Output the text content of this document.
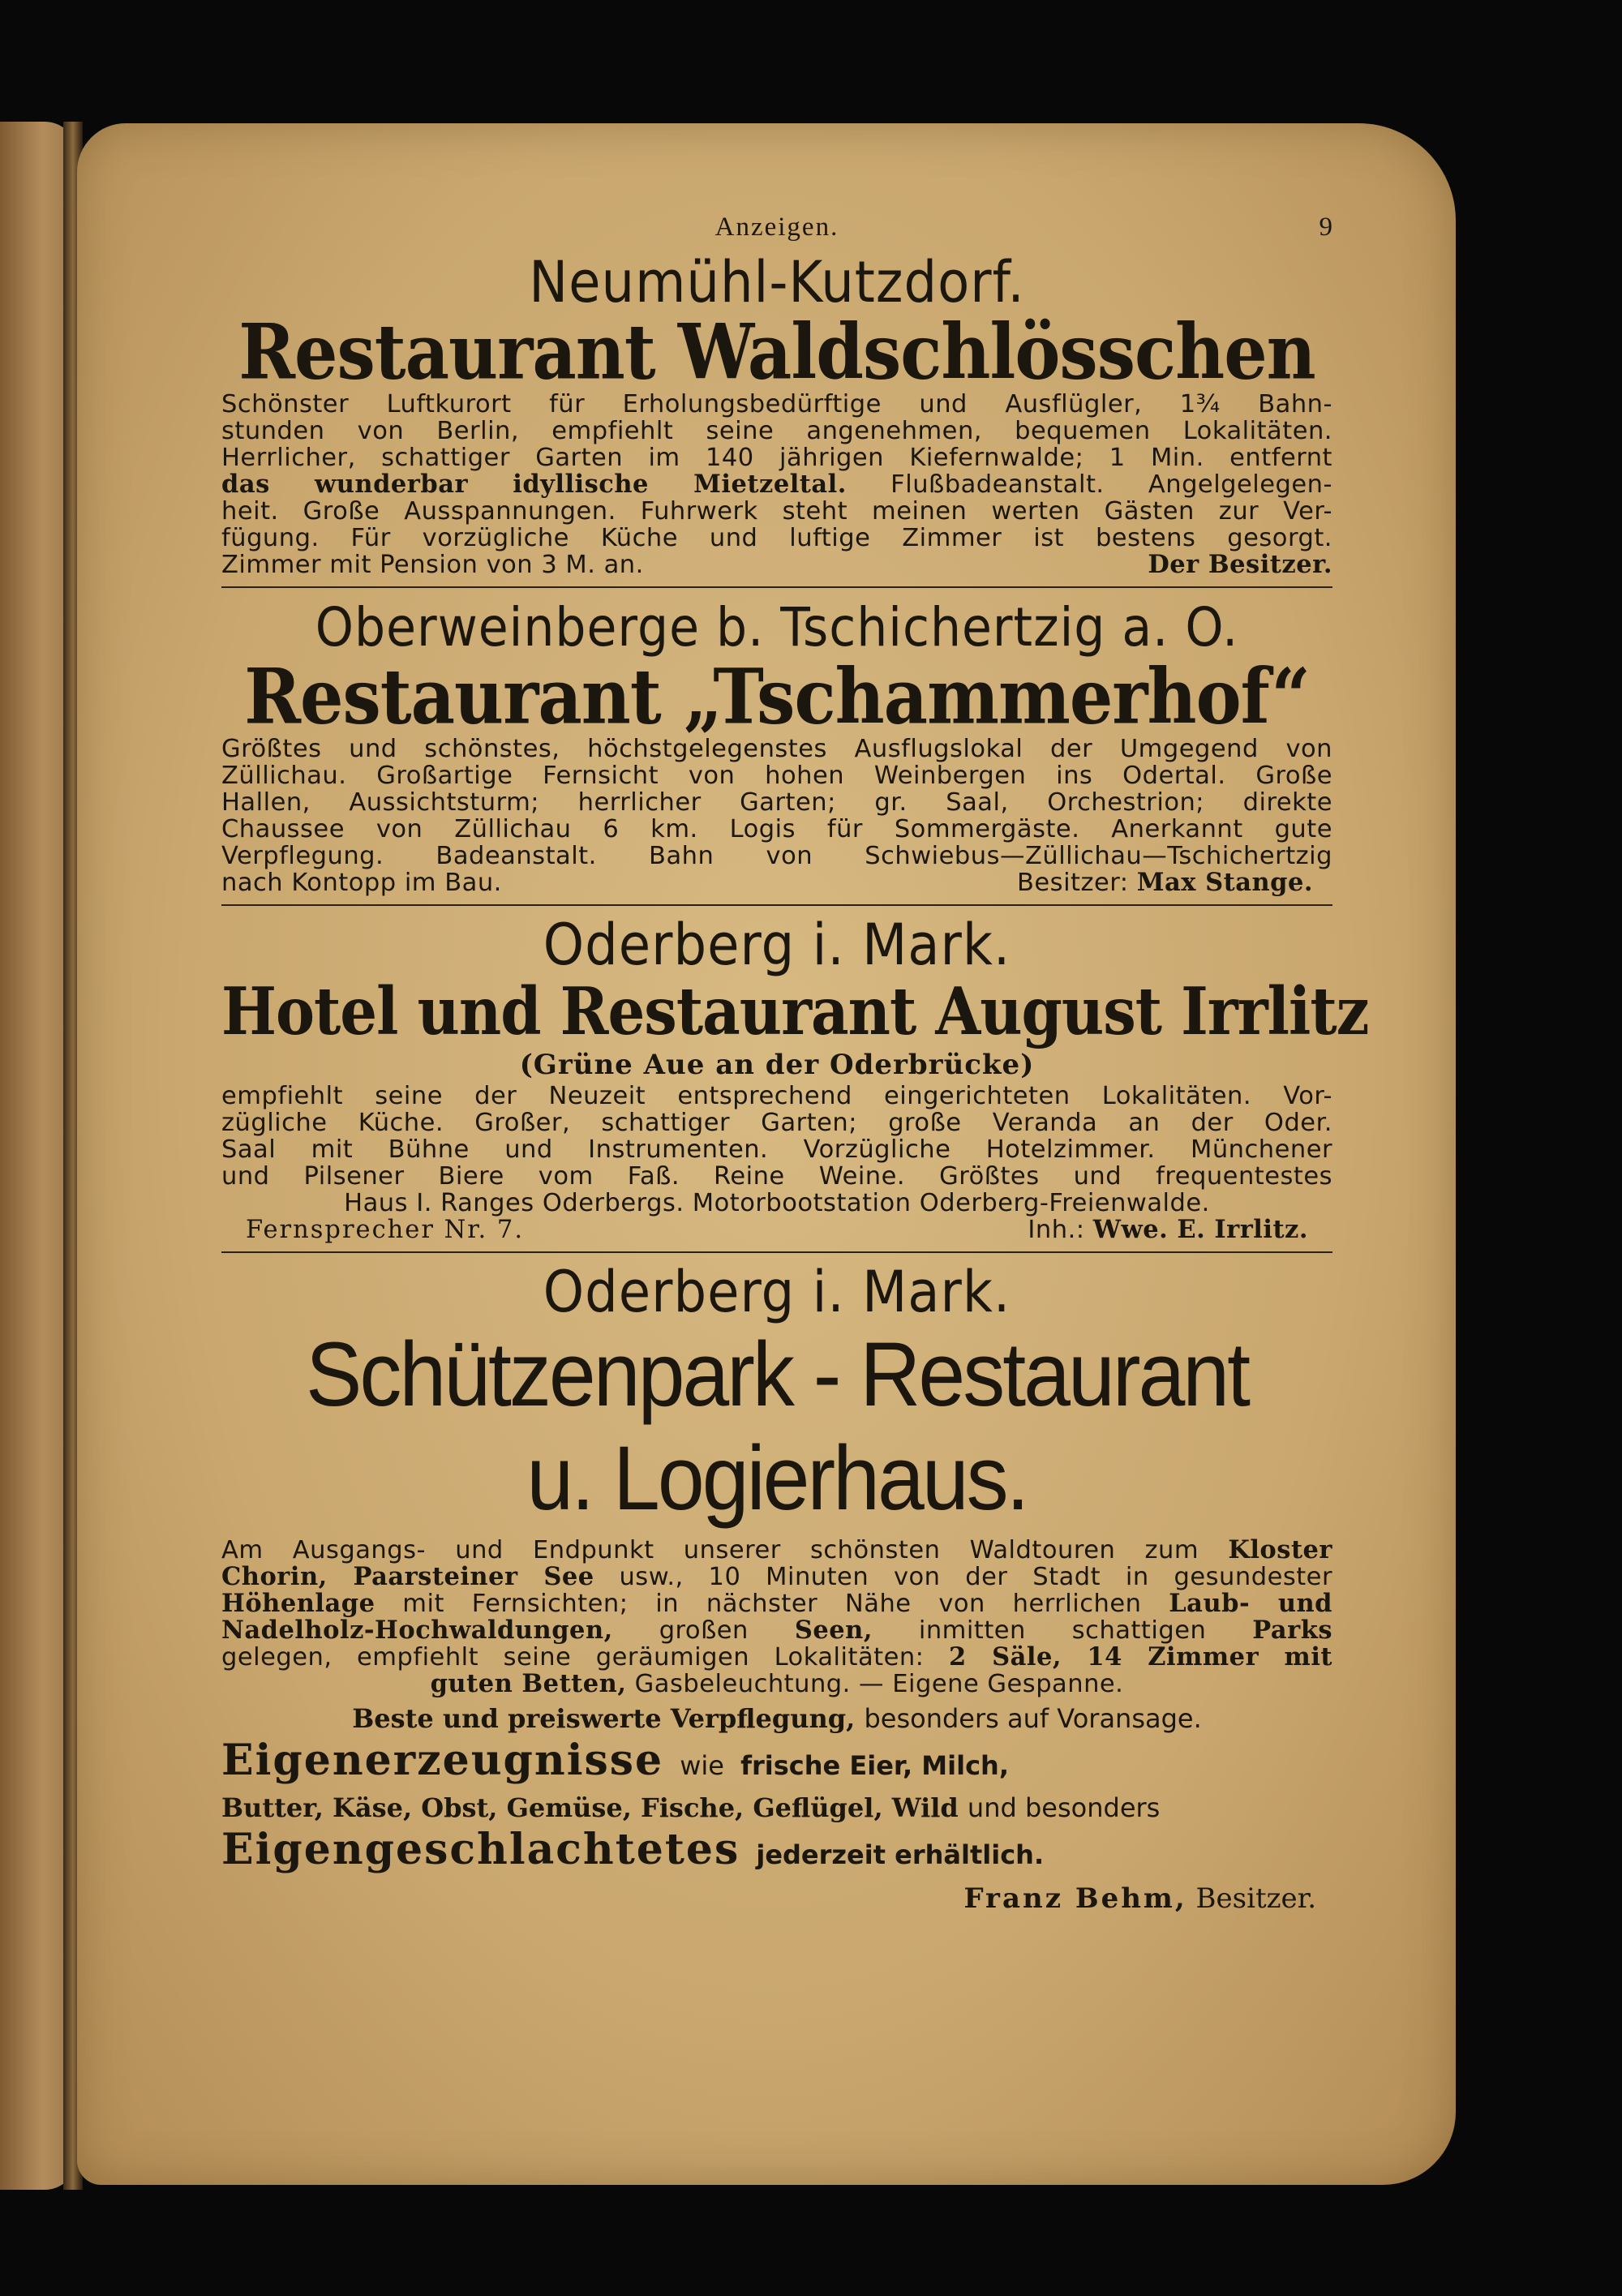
Anzeigen.	9
Neumühl-Kutzdorf.
Restaurant Waldschlösschen

Schönster Luftkurort für Erholungsbedürftige und Ausflügler, 1¾ Bahn-

stunden von Berlin, empfiehlt seine angenehmen, bequemen Lokalitäten.

Herrlicher, schattiger Garten im 140 jährigen Kiefernwalde; 1 Min. entfernt

das wunderbar idyllische Mietzeltal. Flußbadeanstalt. Angelgelegen-

heit. Große Ausspannungen. Fuhrwerk steht meinen werten Gästen zur Ver-

fügung. Für vorzügliche Küche und luftige Zimmer ist bestens gesorgt.

Zimmer mit Pension von 3 M. an.	Der Besitzer.

Oberweinberge b. Tschichertzig a. O.
Restaurant „Tschammerhof“

Größtes und schönstes, höchstgelegenstes Ausflugslokal der Umgegend von

Züllichau. Großartige Fernsicht von hohen Weinbergen ins Odertal. Große

Hallen, Aussichtsturm; herrlicher Garten; gr. Saal, Orchestrion; direkte

Chaussee von Züllichau 6 km. Logis für Sommergäste. Anerkannt gute

Verpflegung. Badeanstalt. Bahn von Schwiebus—Züllichau—Tschichertzig

nach Kontopp im Bau.	Besitzer: Max Stange.

Oderberg i. Mark.
Hotel und Restaurant August Irrlitz
(Grüne Aue an der Oderbrücke)

empfiehlt seine der Neuzeit entsprechend eingerichteten Lokalitäten. Vor-

zügliche Küche. Großer, schattiger Garten; große Veranda an der Oder.

Saal mit Bühne und Instrumenten. Vorzügliche Hotelzimmer. Münchener

und Pilsener Biere vom Faß. Reine Weine. Größtes und frequentestes

Haus I. Ranges Oderbergs. Motorbootstation Oderberg-Freienwalde.

Fernsprecher Nr. 7.	Inh.: Wwe. E. Irrlitz.

Oderberg i. Mark.
Schützenpark - Restaurant
u. Logierhaus.

Am Ausgangs- und Endpunkt unserer schönsten Waldtouren zum Kloster

Chorin, Paarsteiner See usw., 10 Minuten von der Stadt in gesundester

Höhenlage mit Fernsichten; in nächster Nähe von herrlichen Laub- und

Nadelholz-Hochwaldungen, großen Seen, inmitten schattigen Parks

gelegen, empfiehlt seine geräumigen Lokalitäten: 2 Säle, 14 Zimmer mit

guten Betten, Gasbeleuchtung. — Eigene Gespanne.

Beste und preiswerte Verpflegung, besonders auf Voransage.
Eigenerzeugnisse wie frische Eier, Milch,
Butter, Käse, Obst, Gemüse, Fische, Geflügel, Wild und besonders
Eigengeschlachtetes jederzeit erhältlich.
Franz Behm, Besitzer.
